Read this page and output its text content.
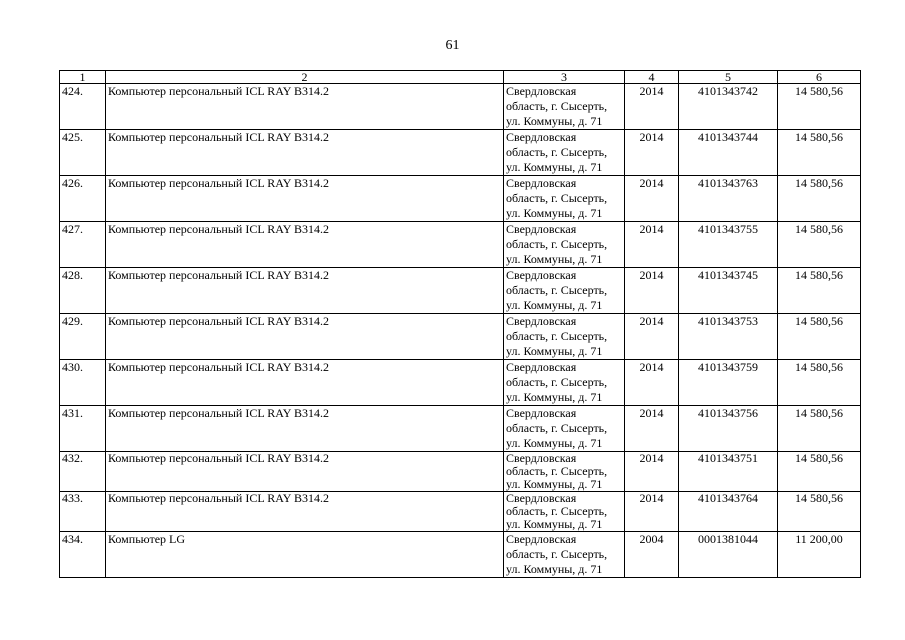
61
1	2	3	4	5	6
424.	Компьютер персональный ICL RAY B314.2	Свердловская
область, г. Сысерть,
ул. Коммуны, д. 71	2014	4101343742	14 580,56
425.	Компьютер персональный ICL RAY B314.2	Свердловская
область, г. Сысерть,
ул. Коммуны, д. 71	2014	4101343744	14 580,56
426.	Компьютер персональный ICL RAY B314.2	Свердловская
область, г. Сысерть,
ул. Коммуны, д. 71	2014	4101343763	14 580,56
427.	Компьютер персональный ICL RAY B314.2	Свердловская
область, г. Сысерть,
ул. Коммуны, д. 71	2014	4101343755	14 580,56
428.	Компьютер персональный ICL RAY B314.2	Свердловская
область, г. Сысерть,
ул. Коммуны, д. 71	2014	4101343745	14 580,56
429.	Компьютер персональный ICL RAY B314.2	Свердловская
область, г. Сысерть,
ул. Коммуны, д. 71	2014	4101343753	14 580,56
430.	Компьютер персональный ICL RAY B314.2	Свердловская
область, г. Сысерть,
ул. Коммуны, д. 71	2014	4101343759	14 580,56
431.	Компьютер персональный ICL RAY B314.2	Свердловская
область, г. Сысерть,
ул. Коммуны, д. 71	2014	4101343756	14 580,56
432.	Компьютер персональный ICL RAY B314.2	Свердловская
область, г. Сысерть,
ул. Коммуны, д. 71	2014	4101343751	14 580,56
433.	Компьютер персональный ICL RAY B314.2	Свердловская
область, г. Сысерть,
ул. Коммуны, д. 71	2014	4101343764	14 580,56
434.	Компьютер LG	Свердловская
область, г. Сысерть,
ул. Коммуны, д. 71	2004	0001381044	11 200,00
